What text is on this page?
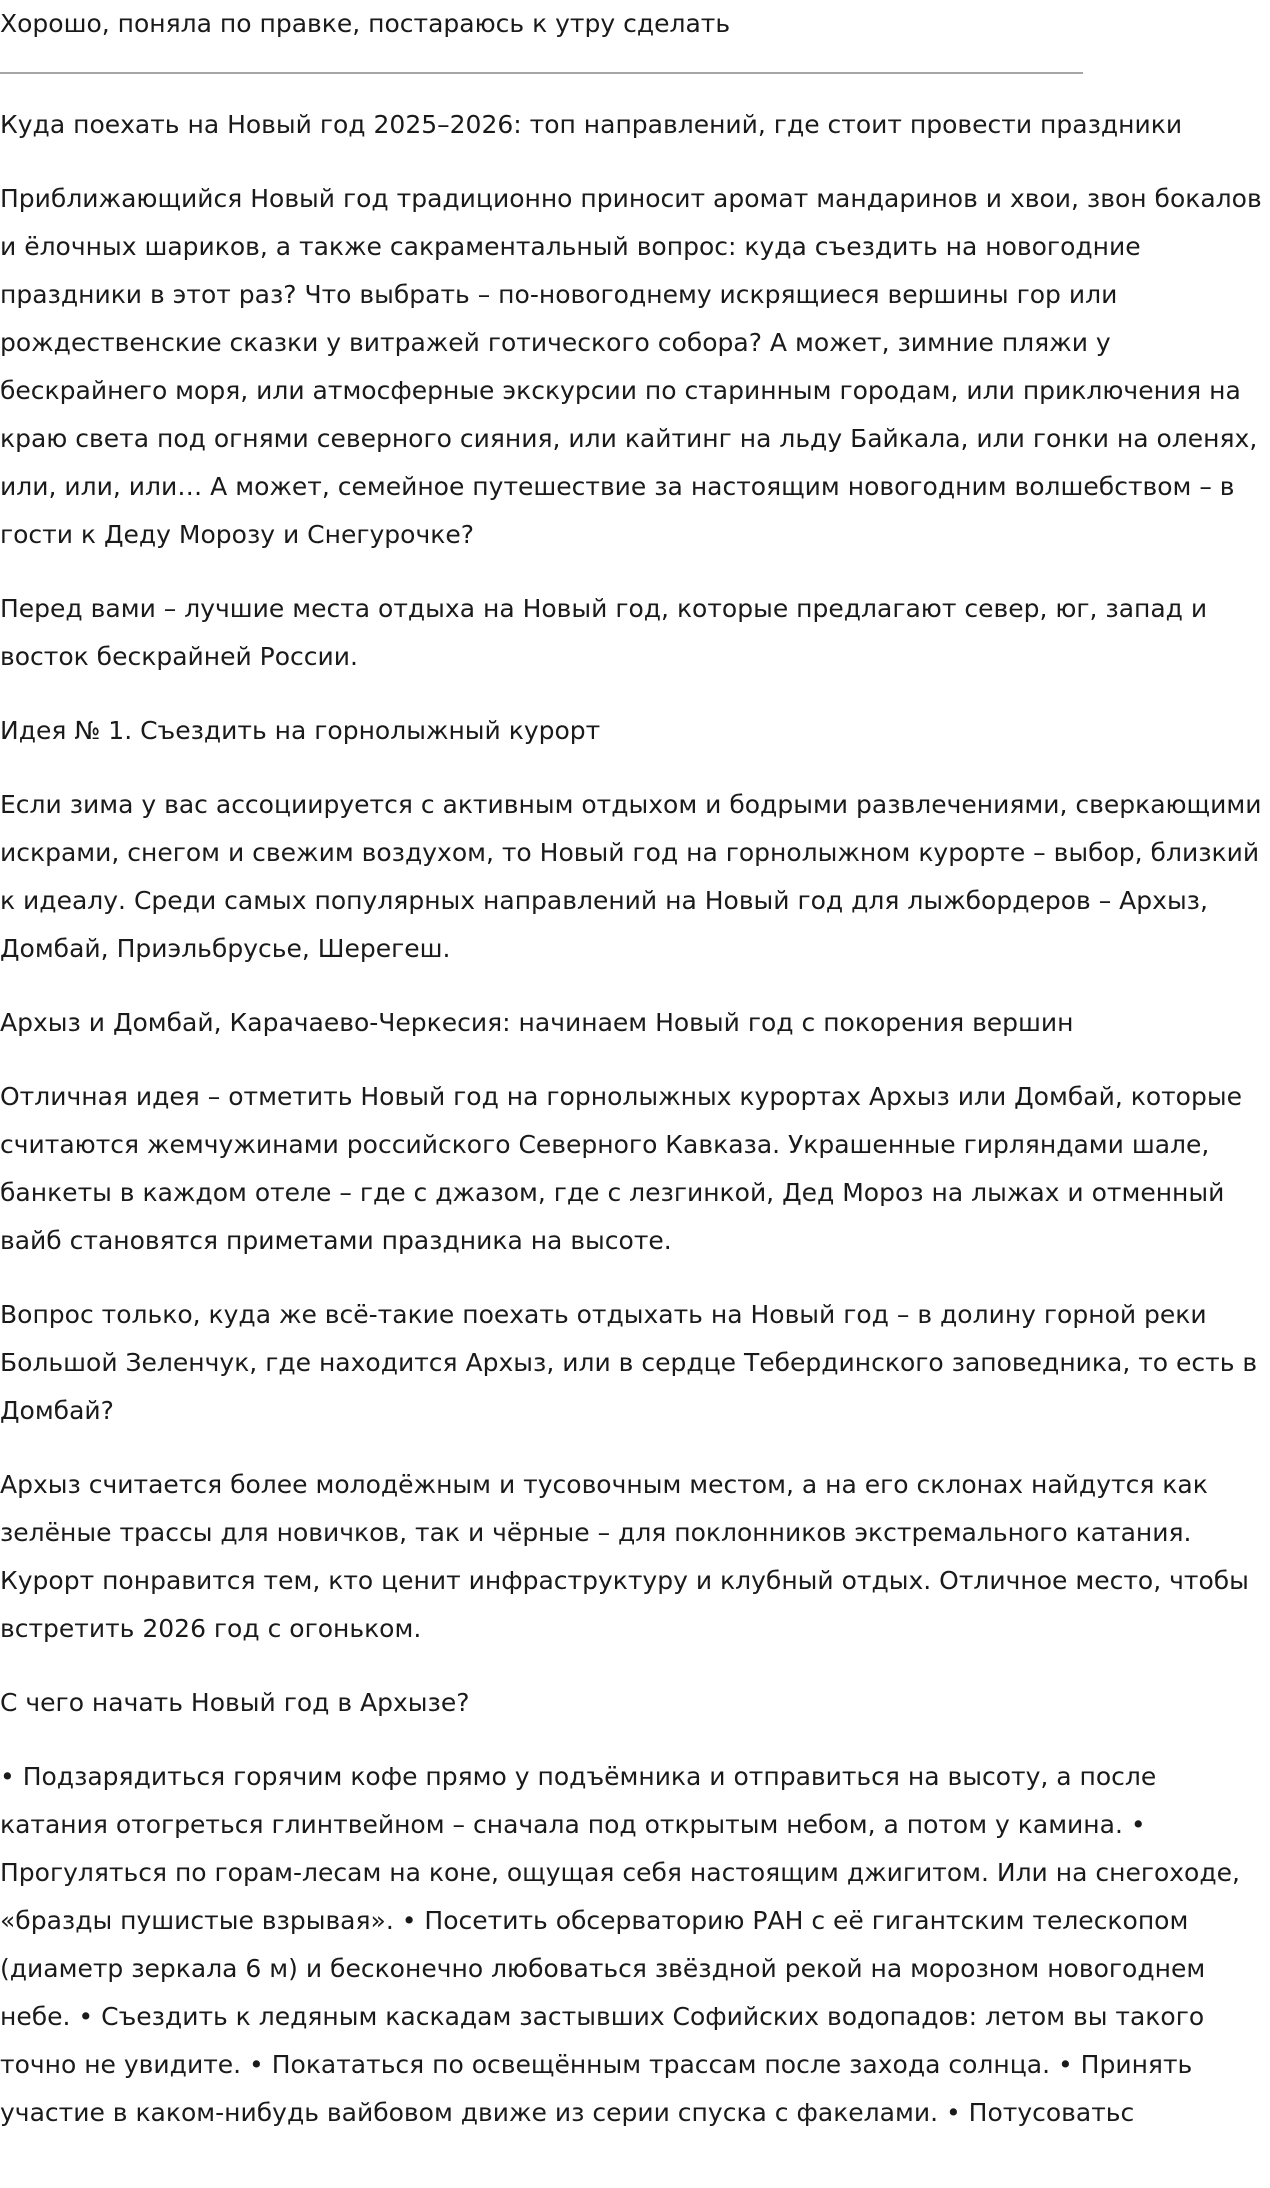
Хорошо, поняла по правке, постараюсь к утру сделать

Куда поехать на Новый год 2025–2026: топ направлений, где стоит провести праздники

Приближающийся Новый год традиционно приносит аромат мандаринов и хвои, звон бокалов и ёлочных шариков, а также сакраментальный вопрос: куда съездить на новогодние праздники в этот раз? Что выбрать – по-новогоднему искрящиеся вершины гор или рождественские сказки у витражей готического собора? А может, зимние пляжи у бескрайнего моря, или атмосферные экскурсии по старинным городам, или приключения на краю света под огнями северного сияния, или кайтинг на льду Байкала, или гонки на оленях, или, или, или… А может, семейное путешествие за настоящим новогодним волшебством – в гости к Деду Морозу и Снегурочке?

Перед вами – лучшие места отдыха на Новый год, которые предлагают север, юг, запад и восток бескрайней России.

Идея № 1. Съездить на горнолыжный курорт

Если зима у вас ассоциируется с активным отдыхом и бодрыми развлечениями, сверкающими искрами, снегом и свежим воздухом, то Новый год на горнолыжном курорте – выбор, близкий к идеалу. Среди самых популярных направлений на Новый год для лыжбордеров – Архыз, Домбай, Приэльбрусье, Шерегеш.

Архыз и Домбай, Карачаево-Черкесия: начинаем Новый год с покорения вершин

Отличная идея – отметить Новый год на горнолыжных курортах Архыз или Домбай, которые считаются жемчужинами российского Северного Кавказа. Украшенные гирляндами шале, банкеты в каждом отеле – где с джазом, где с лезгинкой, Дед Мороз на лыжах и отменный вайб становятся приметами праздника на высоте.

Вопрос только, куда же всё-такие поехать отдыхать на Новый год – в долину горной реки Большой Зеленчук, где находится Архыз, или в сердце Тебердинского заповедника, то есть в Домбай?

Архыз считается более молодёжным и тусовочным местом, а на его склонах найдутся как зелёные трассы для новичков, так и чёрные – для поклонников экстремального катания. Курорт понравится тем, кто ценит инфраструктуру и клубный отдых. Отличное место, чтобы встретить 2026 год с огоньком.

С чего начать Новый год в Архызе?

• Подзарядиться горячим кофе прямо у подъёмника и отправиться на высоту, а после катания отогреться глинтвейном – сначала под открытым небом, а потом у камина. • Прогуляться по горам-лесам на коне, ощущая себя настоящим джигитом. Или на снегоходе, «бразды пушистые взрывая». • Посетить обсерваторию РАН с её гигантским телескопом (диаметр зеркала 6 м) и бесконечно любоваться звёздной рекой на морозном новогоднем небе. • Съездить к ледяным каскадам застывших Софийских водопадов: летом вы такого точно не увидите. • Покататься по освещённым трассам после захода солнца. • Принять участие в каком-нибудь вайбовом движе из серии спуска с факелами. • Потусоватьс
